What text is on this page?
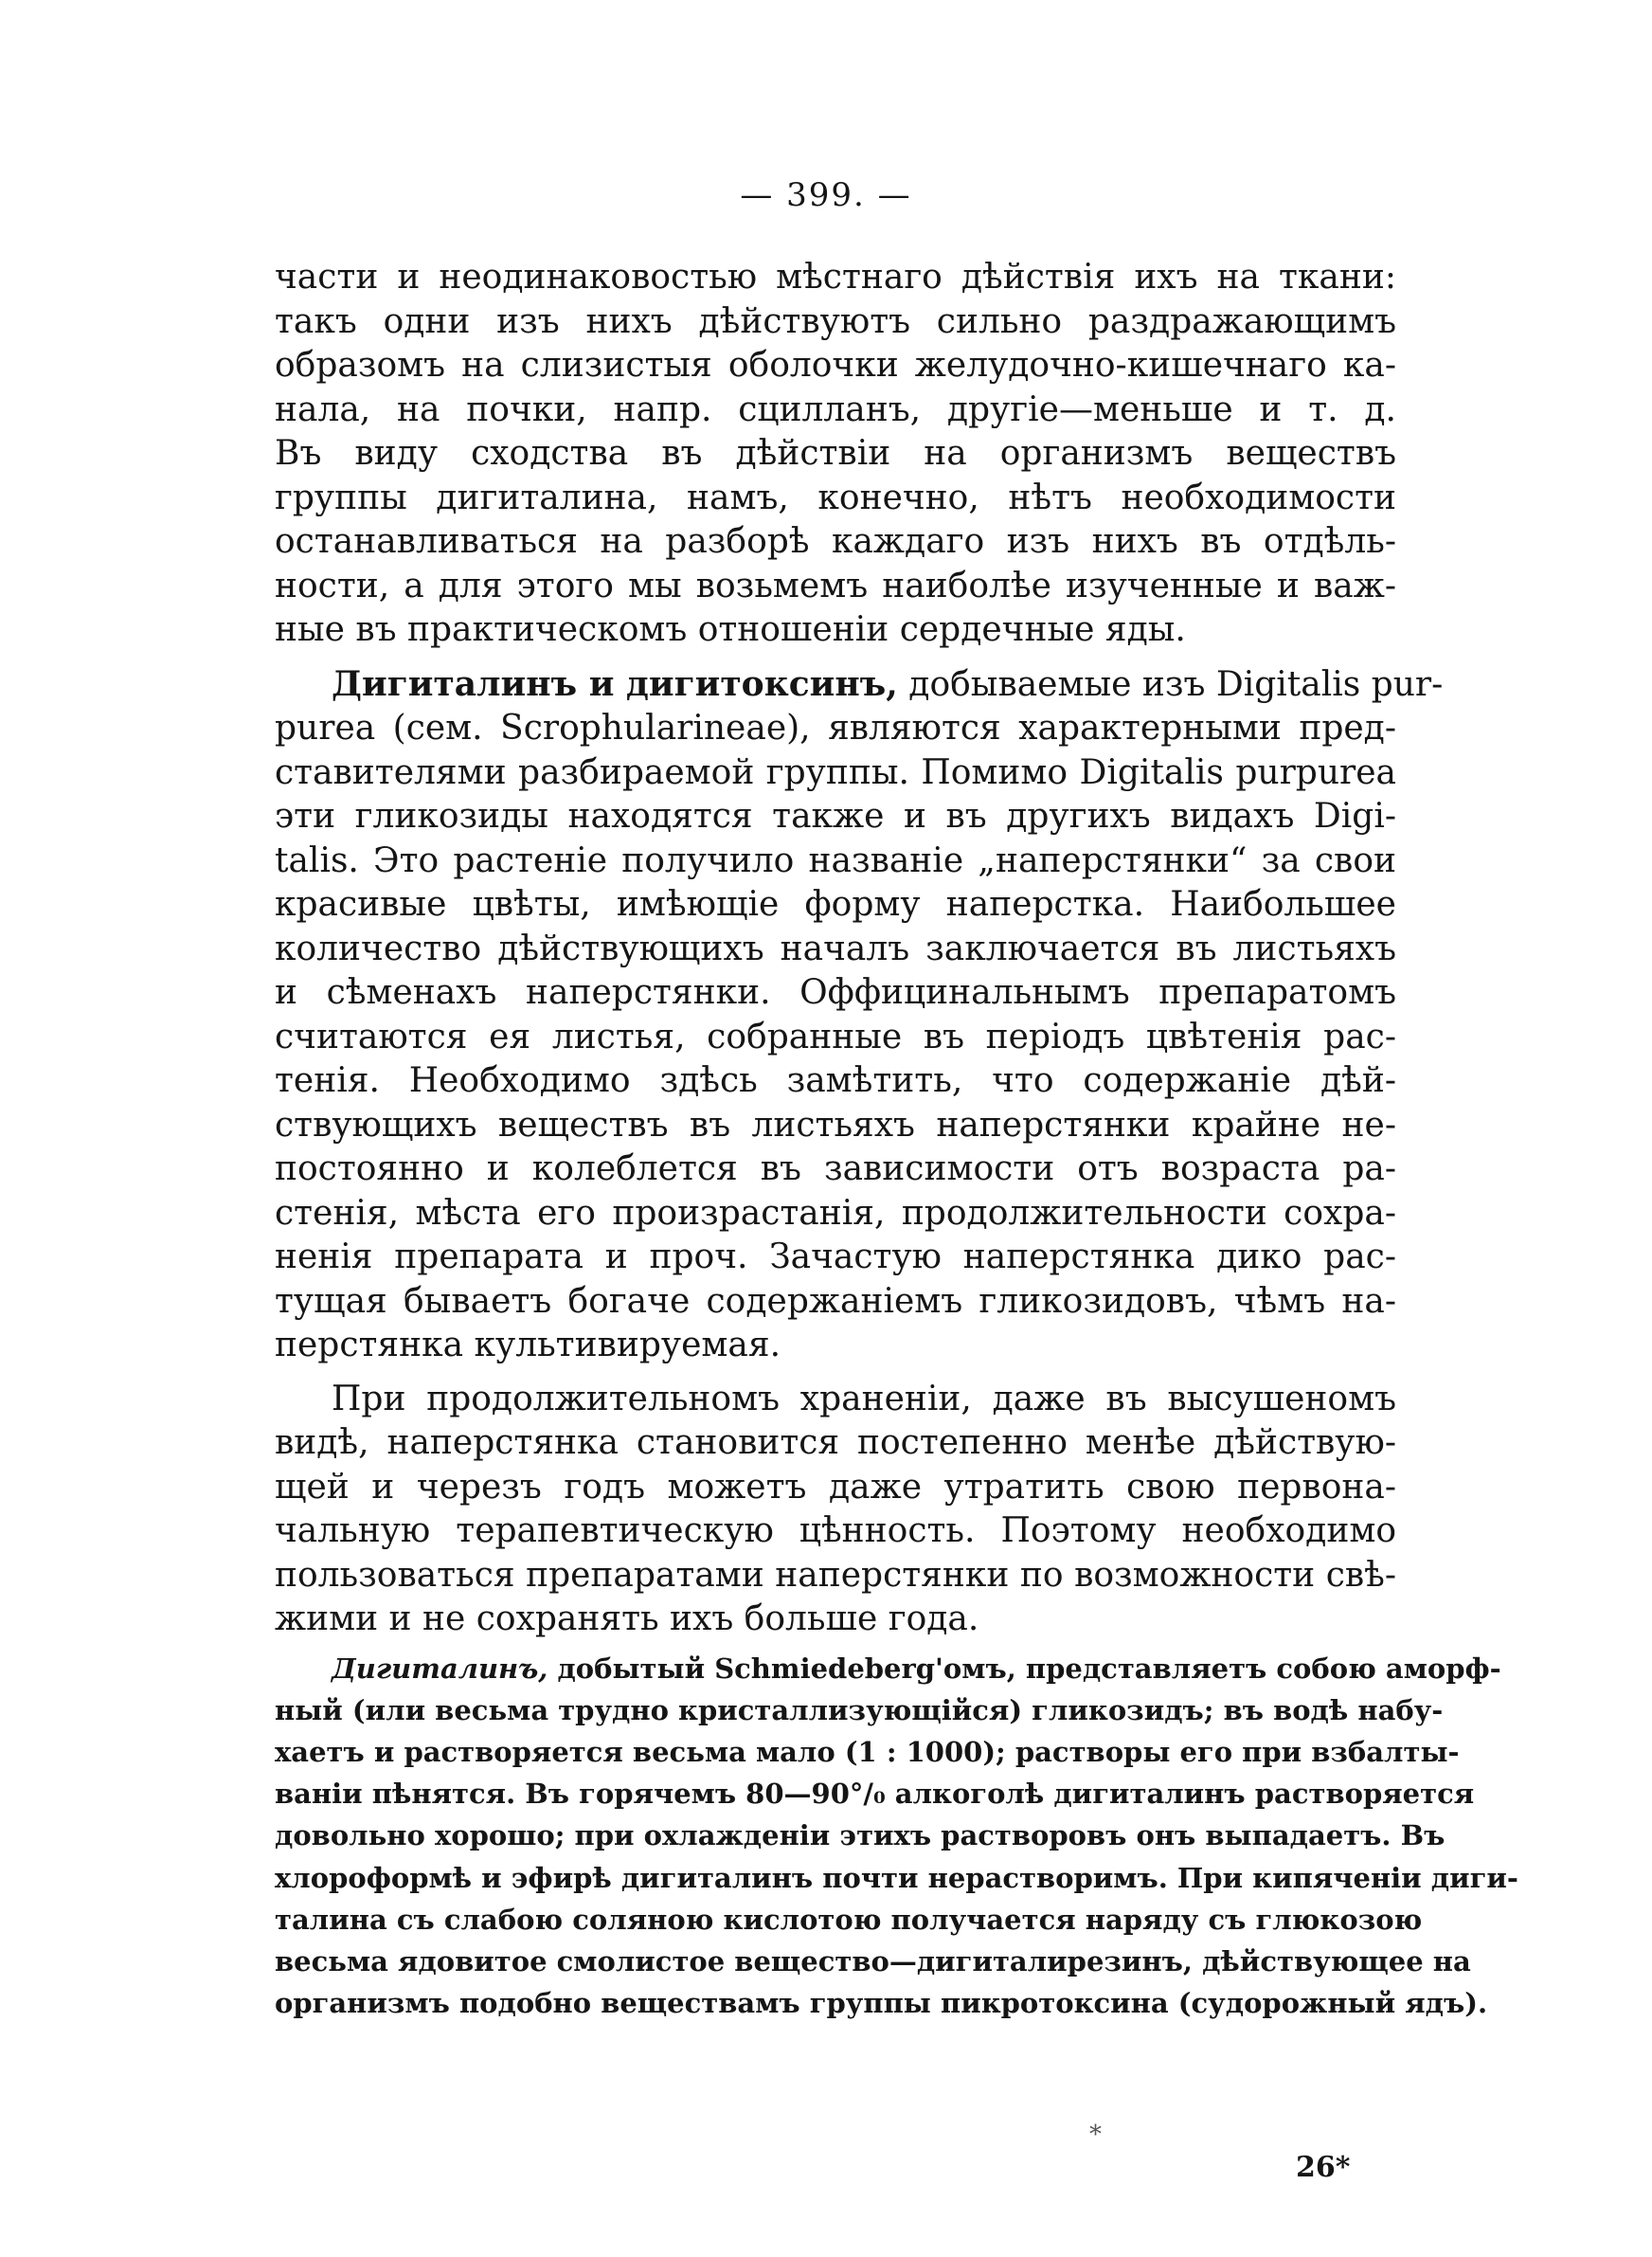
— 399. —
части и неодинаковостью мѣстнаго дѣйствія ихъ на ткани:
такъ одни изъ нихъ дѣйствуютъ сильно раздражающимъ
образомъ на слизистыя оболочки желудочно-кишечнаго ка-
нала, на почки, напр. сцилланъ, другіе—меньше и т. д.
Въ виду сходства въ дѣйствіи на организмъ веществъ
группы дигиталина, намъ, конечно, нѣтъ необходимости
останавливаться на разборѣ каждаго изъ нихъ въ отдѣль-
ности, а для этого мы возьмемъ наиболѣе изученные и важ-
ные въ практическомъ отношеніи сердечные яды.
Дигиталинъ и дигитоксинъ, добываемые изъ Digitalis pur-
purea (сем. Scrophularineae), являются характерными пред-
ставителями разбираемой группы. Помимо Digitalis purpurea
эти гликозиды находятся также и въ другихъ видахъ Digi-
talis. Это растеніе получило названіе „наперстянки“ за свои
красивые цвѣты, имѣющіе форму наперстка. Наибольшее
количество дѣйствующихъ началъ заключается въ листьяхъ
и сѣменахъ наперстянки. Оффицинальнымъ препаратомъ
считаются ея листья, собранные въ періодъ цвѣтенія рас-
тенія. Необходимо здѣсь замѣтить, что содержаніе дѣй-
ствующихъ веществъ въ листьяхъ наперстянки крайне не-
постоянно и колеблется въ зависимости отъ возраста ра-
стенія, мѣста его произрастанія, продолжительности сохра-
ненія препарата и проч. Зачастую наперстянка дико рас-
тущая бываетъ богаче содержаніемъ гликозидовъ, чѣмъ на-
перстянка культивируемая.
При продолжительномъ храненіи, даже въ высушеномъ
видѣ, наперстянка становится постепенно менѣе дѣйствую-
щей и черезъ годъ можетъ даже утратить свою первона-
чальную терапевтическую цѣнность. Поэтому необходимо
пользоваться препаратами наперстянки по возможности свѣ-
жими и не сохранять ихъ больше года.
Дигиталинъ, добытый Schmiedeberg'омъ, представляетъ собою аморф-
ный (или весьма трудно кристаллизующійся) гликозидъ; въ водѣ набу-
хаетъ и растворяется весьма мало (1 : 1000); растворы его при взбалты-
ваніи пѣнятся. Въ горячемъ 80—90°/₀ алкоголѣ дигиталинъ растворяется
довольно хорошо; при охлажденіи этихъ растворовъ онъ выпадаетъ. Въ
хлороформѣ и эфирѣ дигиталинъ почти нерастворимъ. При кипяченіи диги-
талина съ слабою соляною кислотою получается наряду съ глюкозою
весьма ядовитое смолистое вещество—дигиталирезинъ, дѣйствующее на
организмъ подобно веществамъ группы пикротоксина (судорожный ядъ).
*
26*
